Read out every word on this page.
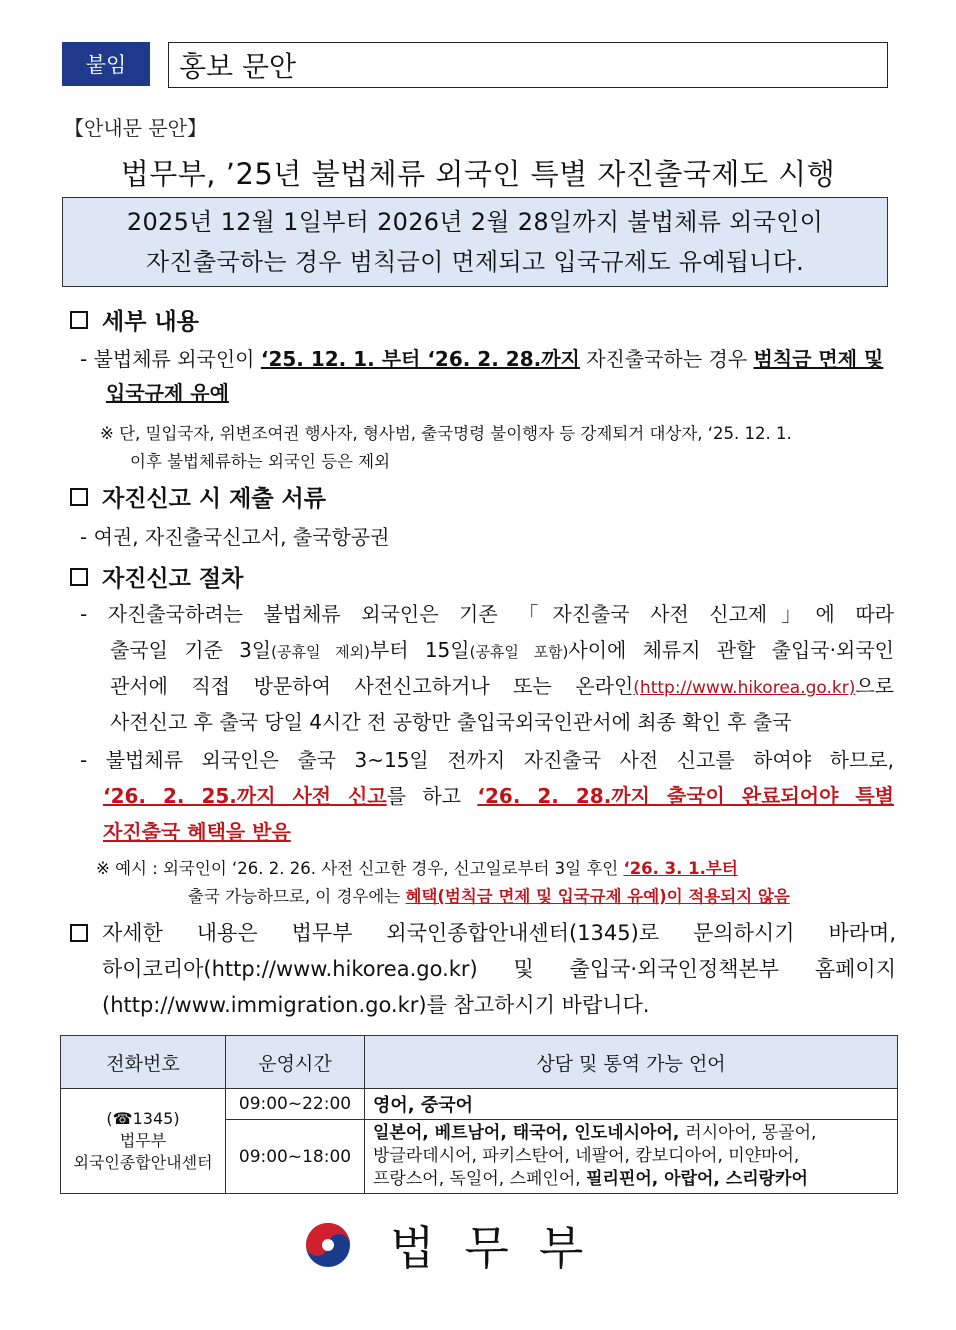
붙임	홍보 문안
【안내문 문안】
법무부, ’25년 불법체류 외국인 특별 자진출국제도 시행
2025년 12월 1일부터 2026년 2월 28일까지 불법체류 외국인이
자진출국하는 경우 범칙금이 면제되고 입국규제도 유예됩니다.
세부 내용
- 불법체류 외국인이 ‘25. 12. 1. 부터 ‘26. 2. 28.까지 자진출국하는 경우 범칙금 면제 및
입국규제 유예
※ 단, 밀입국자, 위변조여권 행사자, 형사범, 출국명령 불이행자 등 강제퇴거 대상자, ‘25. 12. 1.
이후 불법체류하는 외국인 등은 제외
자진신고 시 제출 서류
- 여권, 자진출국신고서, 출국항공권
자진신고 절차
- 자진출국하려는 불법체류 외국인은 기존 「자진출국 사전 신고제」에 따라
출국일 기준 3일(공휴일 제외)부터 15일(공휴일 포함)사이에 체류지 관할 출입국·외국인
관서에 직접 방문하여 사전신고하거나 또는 온라인(http://www.hikorea.go.kr)으로
사전신고 후 출국 당일 4시간 전 공항만 출입국외국인관서에 최종 확인 후 출국
- 불법체류 외국인은 출국 3~15일 전까지 자진출국 사전 신고를 하여야 하므로,
‘26. 2. 25.까지 사전 신고를 하고 ‘26. 2. 28.까지 출국이 완료되어야 특별
자진출국 혜택을 받음
※ 예시 : 외국인이 ‘26. 2. 26. 사전 신고한 경우, 신고일로부터 3일 후인 ‘26. 3. 1.부터
출국 가능하므로, 이 경우에는 혜택(범칙금 면제 및 입국규제 유예)이 적용되지 않음
자세한 내용은 법무부 외국인종합안내센터(1345)로 문의하시기 바라며,
하이코리아(http://www.hikorea.go.kr) 및 출입국·외국인정책본부 홈페이지
(http://www.immigration.go.kr)를 참고하시기 바랍니다.
전화번호	운영시간	상담 및 통역 가능 언어

(☎1345)
법무부
외국인종합안내센터	09:00~22:00	영어, 중국어
	09:00~18:00	일본어, 베트남어, 태국어, 인도네시아어, 러시아어, 몽골어,
방글라데시어, 파키스탄어, 네팔어, 캄보디아어, 미얀마어,
프랑스어, 독일어, 스페인어, 필리핀어, 아랍어, 스리랑카어
법무부
